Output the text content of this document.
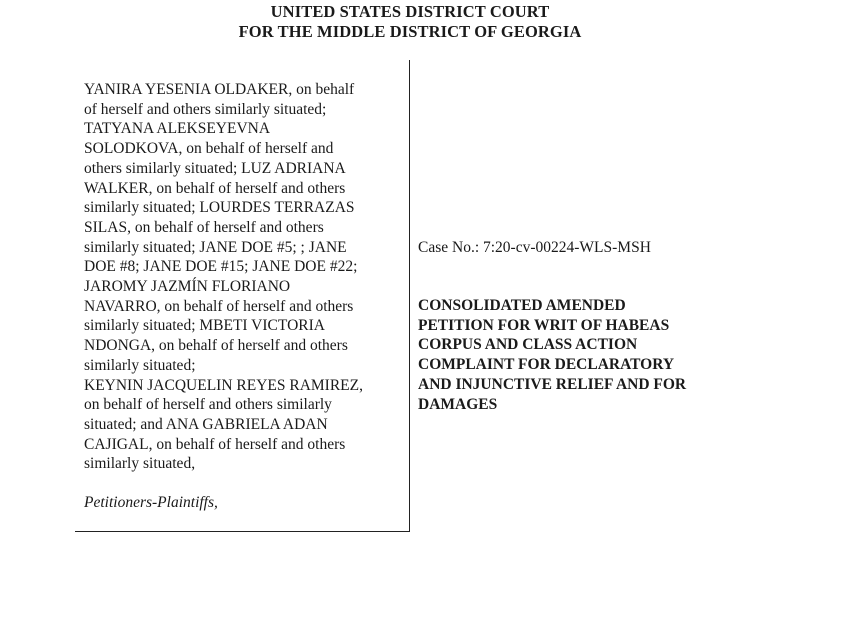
UNITED STATES DISTRICT COURT
FOR THE MIDDLE DISTRICT OF GEORGIA
YANIRA YESENIA OLDAKER, on behalf
of herself and others similarly situated;
TATYANA ALEKSEYEVNA
SOLODKOVA, on behalf of herself and
others similarly situated; LUZ ADRIANA
WALKER, on behalf of herself and others
similarly situated; LOURDES TERRAZAS
SILAS, on behalf of herself and others
similarly situated; JANE DOE #5; ; JANE
DOE #8; JANE DOE #15; JANE DOE #22;
JAROMY JAZMÍN FLORIANO
NAVARRO, on behalf of herself and others
similarly situated; MBETI VICTORIA
NDONGA, on behalf of herself and others
similarly situated;
KEYNIN JACQUELIN REYES RAMIREZ,
on behalf of herself and others similarly
situated; and ANA GABRIELA ADAN
CAJIGAL, on behalf of herself and others
similarly situated,
Petitioners-Plaintiffs,
Case No.: 7:20-cv-00224-WLS-MSH
CONSOLIDATED AMENDED
PETITION FOR WRIT OF HABEAS
CORPUS AND CLASS ACTION
COMPLAINT FOR DECLARATORY
AND INJUNCTIVE RELIEF AND FOR
DAMAGES
